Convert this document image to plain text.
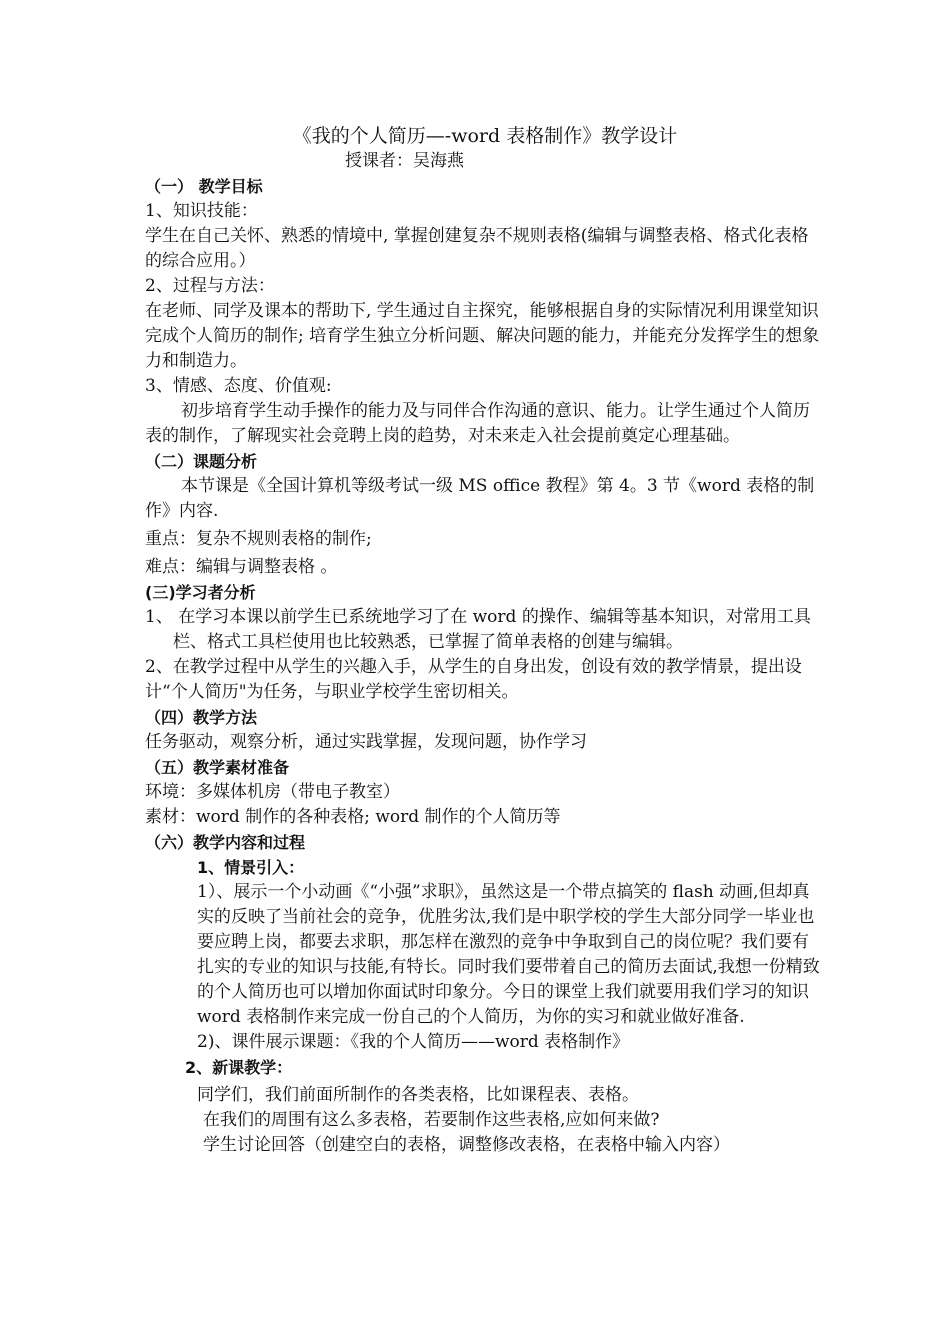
《我的个人简历—-word 表格制作》教学设计
授课者：吴海燕
（一） 教学目标

1、知识技能：

学生在自己关怀、熟悉的情境中, 掌握创建复杂不规则表格(编辑与调整表格、格式化表格的综合应用。）

2、过程与方法：

在老师、同学及课本的帮助下, 学生通过自主探究，能够根据自身的实际情况利用课堂知识完成个人简历的制作; 培育学生独立分析问题、解决问题的能力，并能充分发挥学生的想象力和制造力。

3、情感、态度、价值观:

初步培育学生动手操作的能力及与同伴合作沟通的意识、能力。让学生通过个人简历表的制作，了解现实社会竞聘上岗的趋势，对未来走入社会提前奠定心理基础。

（二）课题分析

本节课是《全国计算机等级考试一级 MS office 教程》第 4。3 节《word 表格的制作》内容.

重点：复杂不规则表格的制作;

难点：编辑与调整表格 。

(三)学习者分析

1、 在学习本课以前学生已系统地学习了在 word 的操作、编辑等基本知识，对常用工具栏、格式工具栏使用也比较熟悉，已掌握了简单表格的创建与编辑。

2、在教学过程中从学生的兴趣入手，从学生的自身出发，创设有效的教学情景，提出设计“个人简历"为任务，与职业学校学生密切相关。

（四）教学方法

任务驱动，观察分析，通过实践掌握，发现问题，协作学习

（五）教学素材准备

环境：多媒体机房（带电子教室）

素材：word 制作的各种表格; word 制作的个人简历等

（六）教学内容和过程
1、情景引入：

1）、展示一个小动画《“小强”求职》，虽然这是一个带点搞笑的 flash 动画,但却真实的反映了当前社会的竞争，优胜劣汰,我们是中职学校的学生大部分同学一毕业也要应聘上岗，都要去求职，那怎样在激烈的竞争中争取到自己的岗位呢？我们要有扎实的专业的知识与技能,有特长。同时我们要带着自己的简历去面试,我想一份精致的个人简历也可以增加你面试时印象分。今日的课堂上我们就要用我们学习的知识 word 表格制作来完成一份自己的个人简历，为你的实习和就业做好准备.

2)、课件展示课题：《我的个人简历——word 表格制作》

2、新课教学：

同学们，我们前面所制作的各类表格，比如课程表、表格。

在我们的周围有这么多表格，若要制作这些表格,应如何来做?

学生讨论回答（创建空白的表格，调整修改表格，在表格中输入内容）
